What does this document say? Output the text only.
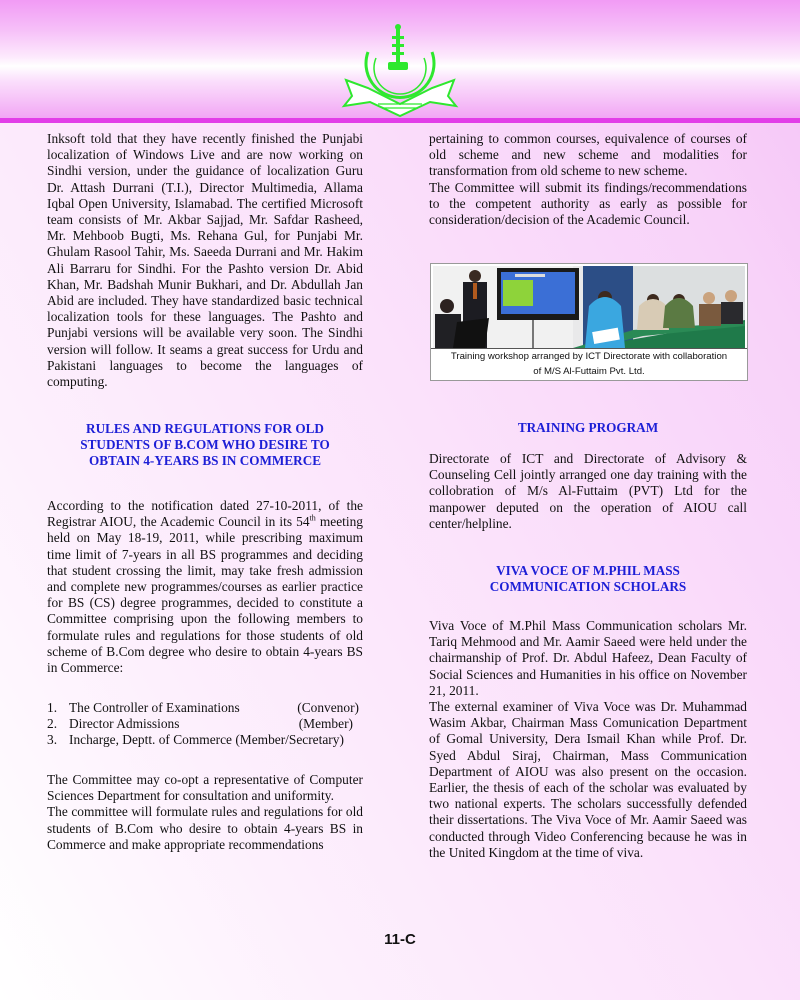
Inksoft told that they have recently finished the Punjabi localization of Windows Live and are now working on Sindhi version, under the guidance of localization Guru Dr. Attash Durrani (T.I.), Director Multimedia, Allama Iqbal Open University, Islamabad. The certified Microsoft team consists of Mr. Akbar Sajjad, Mr. Safdar Rasheed, Mr. Mehboob Bugti, Ms. Rehana Gul, for Punjabi Mr. Ghulam Rasool Tahir, Ms. Saeeda Durrani and Mr. Hakim Ali Barraru for Sindhi. For the Pashto version Dr. Abid Khan, Mr. Badshah Munir Bukhari, and Dr. Abdullah Jan Abid are included. They have standardized basic technical localization tools for these languages. The Pashto and Punjabi versions will be available very soon. The Sindhi version will follow. It seams a great success for Urdu and Pakistani languages to become the languages of computing.

RULES AND REGULATIONS FOR OLD
STUDENTS OF B.COM WHO DESIRE TO
OBTAIN 4-YEARS BS IN COMMERCE

According to the notification dated 27-10-2011, of the Registrar AIOU, the Academic Council in its 54th meeting held on May 18-19, 2011, while prescribing maximum time limit of 7-years in all BS programmes and deciding that student crossing the limit, may take fresh admission and complete new programmes/courses as earlier practice for BS (CS) degree programmes, decided to constitute a Committee comprising upon the following members to formulate rules and regulations for those students of old scheme of B.Com degree who desire to obtain 4-years BS in Commerce:

1. The Controller of Examinations	(Convenor)
2. Director Admissions	(Member)
3. Incharge, Deptt. of Commerce
(Member/Secretary)

The Committee may co-opt a representative of Computer Sciences Department for consultation and uniformity.

The committee will formulate rules and regulations for old students of B.Com who desire to obtain 4-years BS in Commerce and make appropriate recommendations

pertaining to common courses, equivalence of courses of old scheme and new scheme and modalities for transformation from old scheme to new scheme.

The Committee will submit its findings/recommendations to the competent authority as early as possible for consideration/decision of the Academic Council.

Training workshop arranged by ICT Directorate with collaboration
of M/S Al-Futtaim Pvt. Ltd.
TRAINING PROGRAM

Directorate of ICT and Directorate of Advisory & Counseling Cell jointly arranged one day training with the collobration of M/s Al-Futtaim (PVT) Ltd for the manpower deputed on the operation of AIOU call center/helpline.

VIVA VOCE OF M.PHIL MASS
COMMUNICATION SCHOLARS

Viva Voce of M.Phil Mass Communication scholars Mr. Tariq Mehmood and Mr. Aamir Saeed were held under the chairmanship of Prof. Dr. Abdul Hafeez, Dean Faculty of Social Sciences and Humanities in his office on November 21, 2011.

The external examiner of Viva Voce was Dr. Muhammad Wasim Akbar, Chairman Mass Comunication Department of Gomal University, Dera Ismail Khan while Prof. Dr. Syed Abdul Siraj, Chairman, Mass Communication Department of AIOU was also present on the occasion. Earlier, the thesis of each of the scholar was evaluated by two national experts. The scholars successfully defended their dissertations. The Viva Voce of Mr. Aamir Saeed was conducted through Video Conferencing because he was in the United Kingdom at the time of viva.

11-C
